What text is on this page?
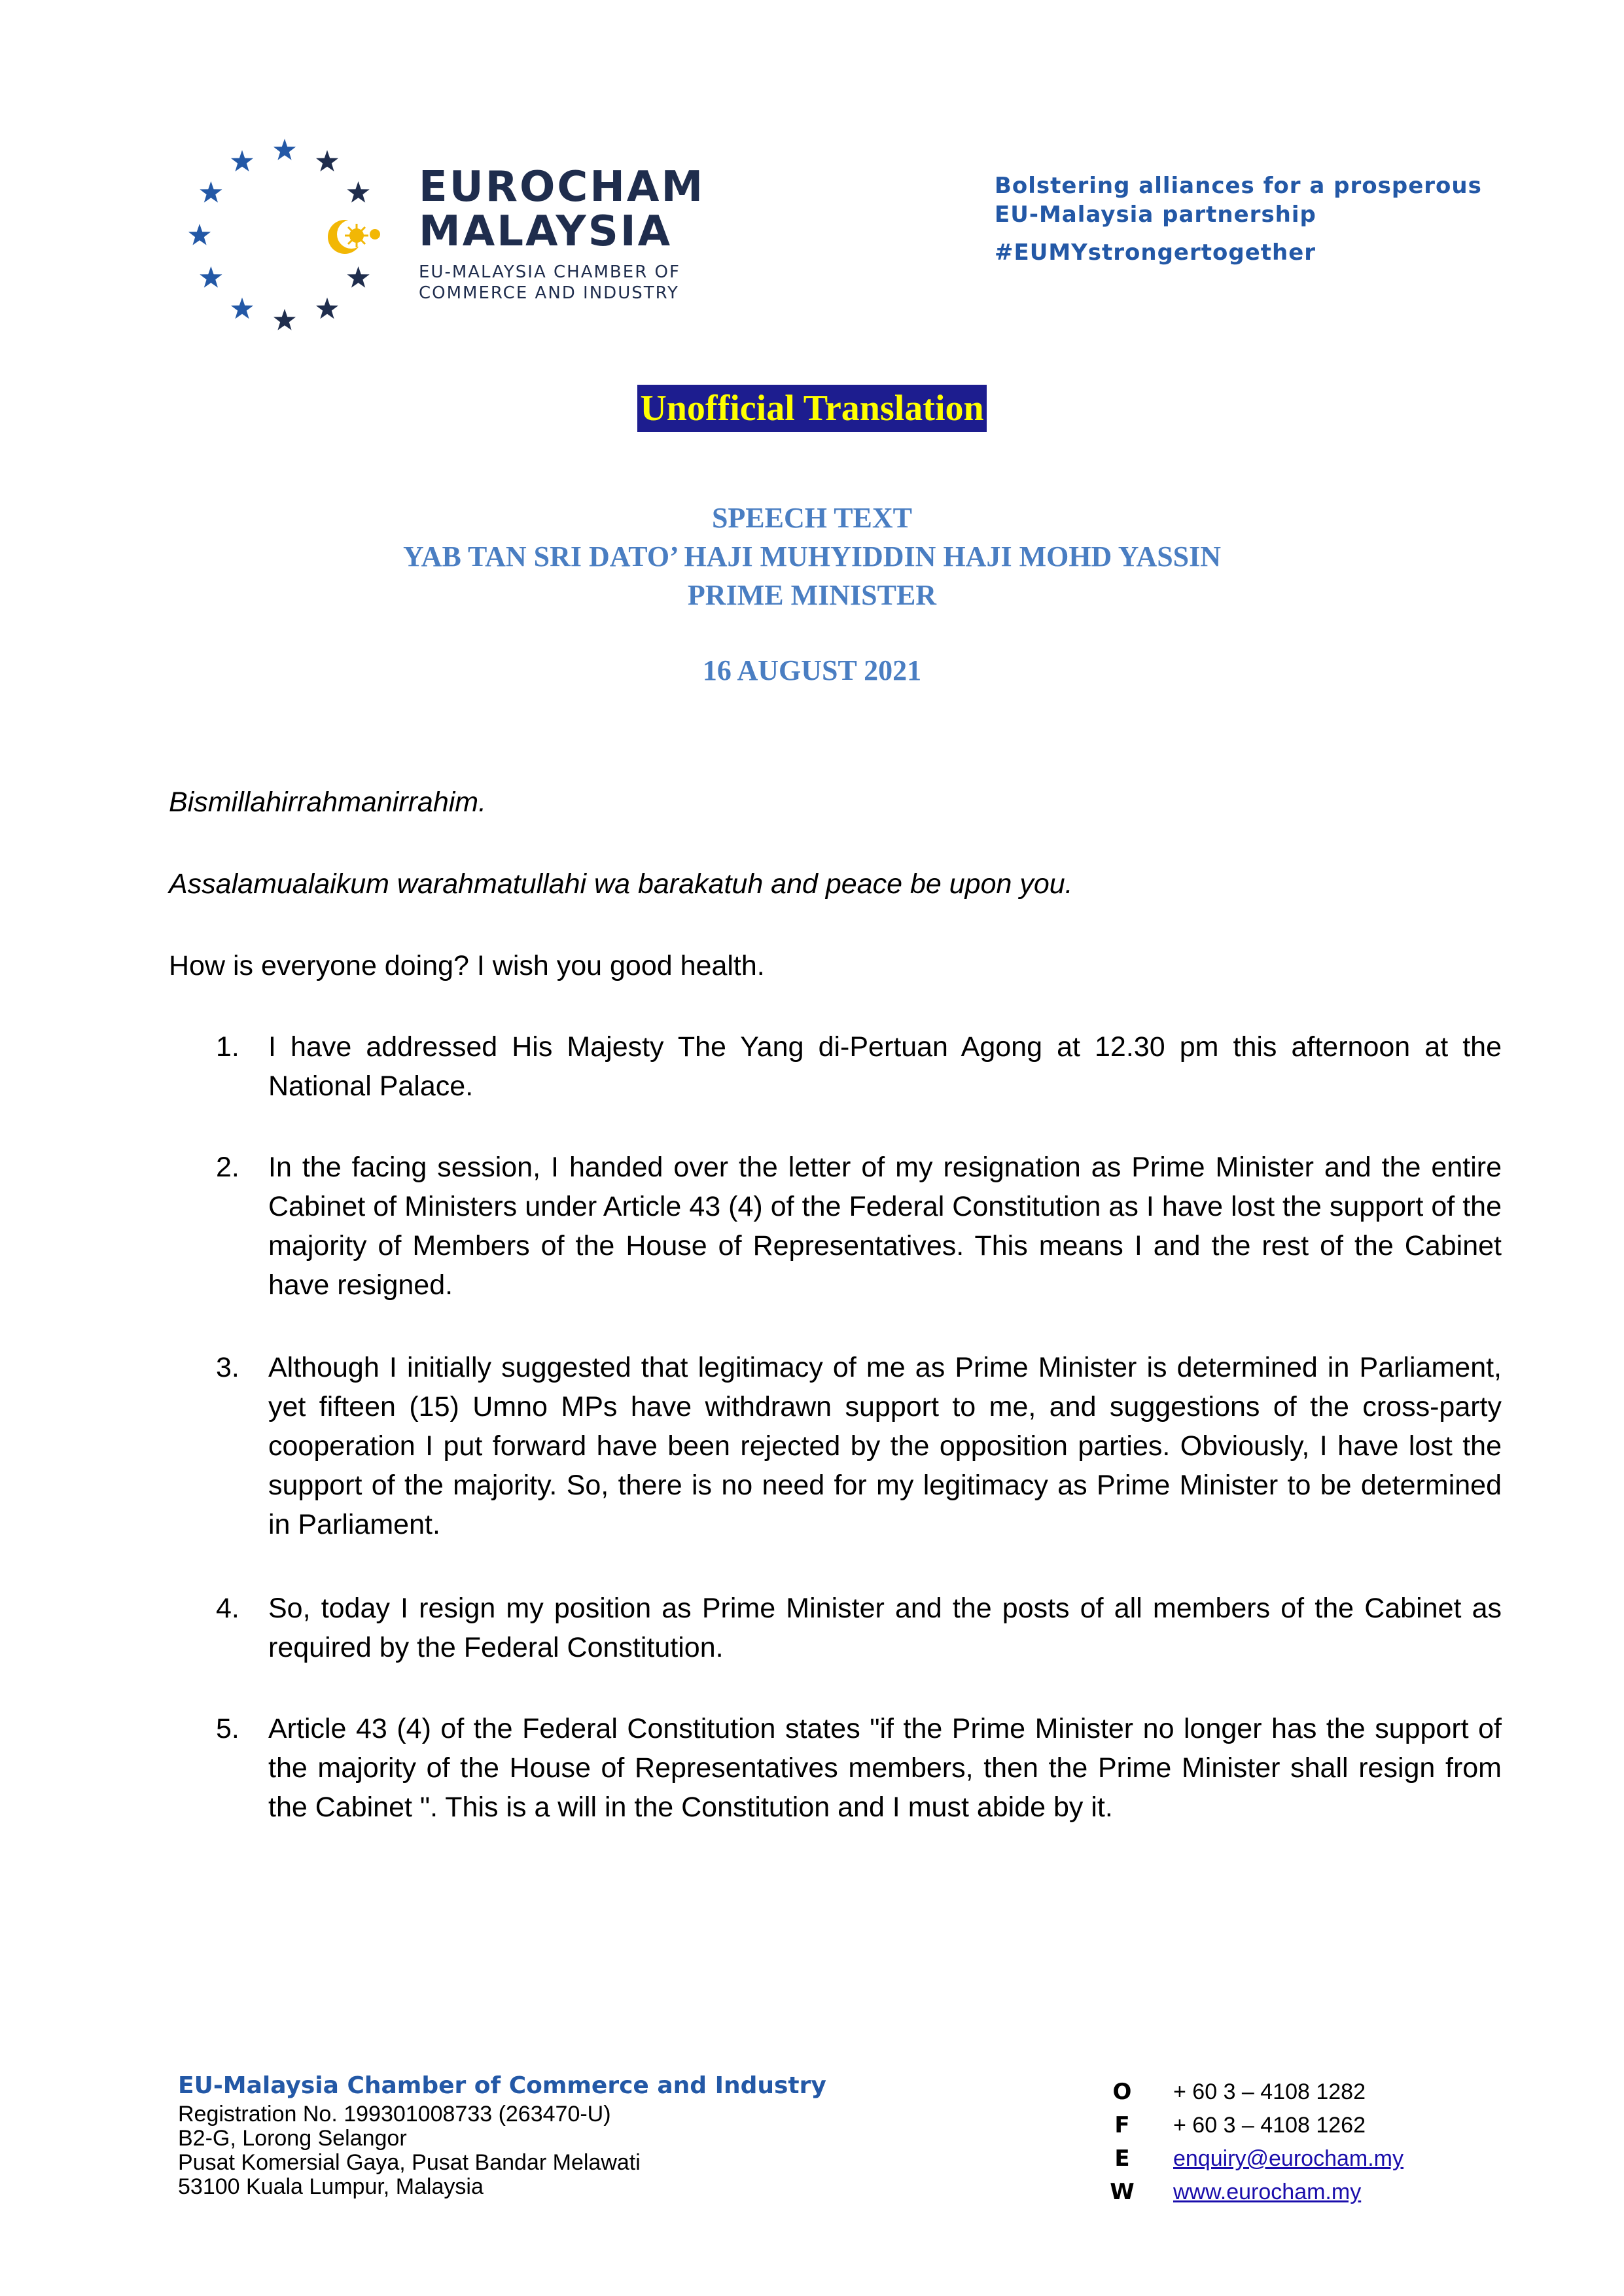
EUROCHAM
MALAYSIA
EU-MALAYSIA CHAMBER OF
COMMERCE AND INDUSTRY
Bolstering alliances for a prosperous
EU-Malaysia partnership
#EUMYstrongertogether
Unofficial Translation
SPEECH TEXT
YAB TAN SRI DATO’ HAJI MUHYIDDIN HAJI MOHD YASSIN
PRIME MINISTER
16 AUGUST 2021
Bismillahirrahmanirrahim.
Assalamualaikum warahmatullahi wa barakatuh and peace be upon you.
How is everyone doing? I wish you good health.
1.	I have addressed His Majesty The Yang di-Pertuan Agong at 12.30 pm this afternoon at the National Palace.
2.	In the facing session, I handed over the letter of my resignation as Prime Minister and the entire Cabinet of Ministers under Article 43 (4) of the Federal Constitution as I have lost the support of the majority of Members of the House of Representatives. This means I and the rest of the Cabinet have resigned.
3.	Although I initially suggested that legitimacy of me as Prime Minister is determined in Parliament, yet fifteen (15) Umno MPs have withdrawn support to me, and suggestions of the cross-party cooperation I put forward have been rejected by the opposition parties. Obviously, I have lost the support of the majority. So, there is no need for my legitimacy as Prime Minister to be determined in Parliament.
4.	So, today I resign my position as Prime Minister and the posts of all members of the Cabinet as required by the Federal Constitution.
5.	Article 43 (4) of the Federal Constitution states "if the Prime Minister no longer has the support of the majority of the House of Representatives members, then the Prime Minister shall resign from the Cabinet ". This is a will in the Constitution and I must abide by it.
EU-Malaysia Chamber of Commerce and Industry
Registration No. 199301008733 (263470-U)
B2-G, Lorong Selangor
Pusat Komersial Gaya, Pusat Bandar Melawati
53100 Kuala Lumpur, Malaysia
O + 60 3 – 4108 1282
F + 60 3 – 4108 1262
E enquiry@eurocham.my
W www.eurocham.my
